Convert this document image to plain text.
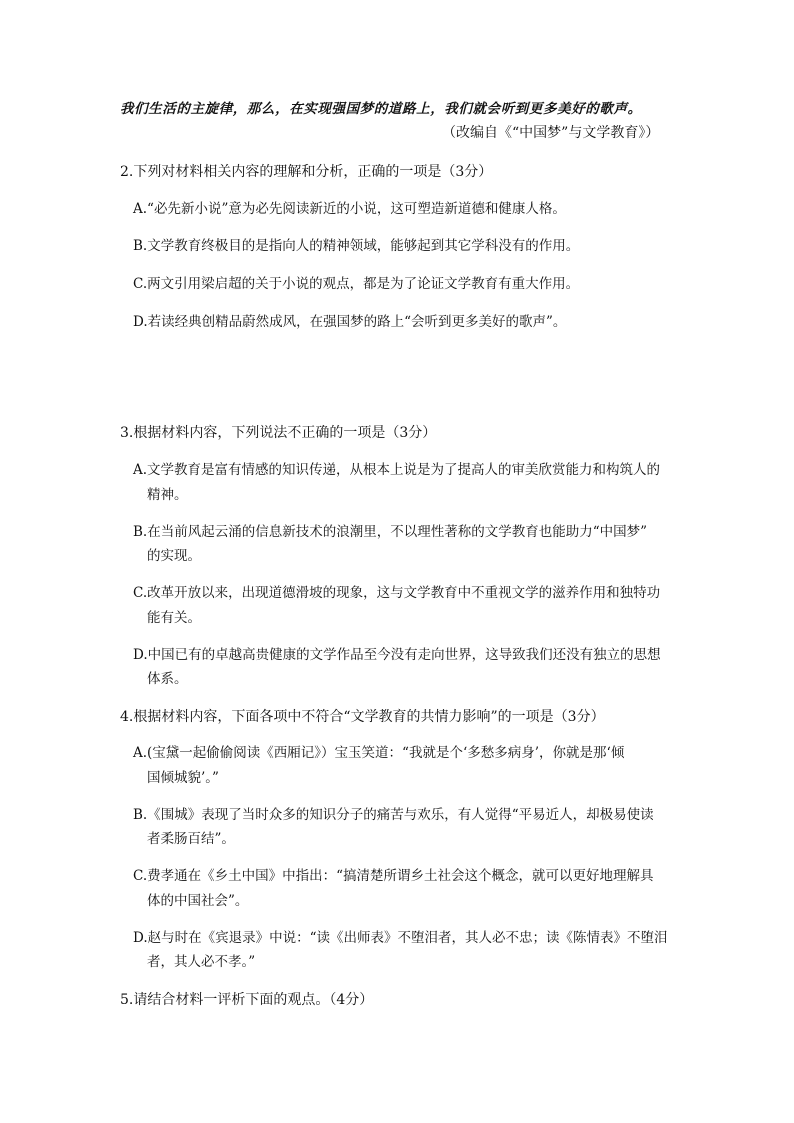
我们生活的主旋律，那么，在实现强国梦的道路上，我们就会听到更多美好的歌声。
（改编自《“中国梦”与文学教育》）
2.下列对材料相关内容的理解和分析，正确的一项是（3分）
A.“必先新小说”意为必先阅读新近的小说，这可塑造新道德和健康人格。
B.文学教育终极目的是指向人的精神领域，能够起到其它学科没有的作用。
C.两文引用梁启超的关于小说的观点，都是为了论证文学教育有重大作用。
D.若读经典创精品蔚然成风，在强国梦的路上“会听到更多美好的歌声”。
3.根据材料内容，下列说法不正确的一项是（3分）
A.文学教育是富有情感的知识传递，从根本上说是为了提高人的审美欣赏能力和构筑人的
精神。
B.在当前风起云涌的信息新技术的浪潮里，不以理性著称的文学教育也能助力“中国梦”
的实现。
C.改革开放以来，出现道德滑坡的现象，这与文学教育中不重视文学的滋养作用和独特功
能有关。
D.中国已有的卓越高贵健康的文学作品至今没有走向世界，这导致我们还没有独立的思想
体系。
4.根据材料内容，下面各项中不符合“文学教育的共情力影响”的一项是（3分）
A.(宝黛一起偷偷阅读《西厢记》）宝玉笑道：“我就是个‘多愁多病身’，你就是那‘倾
国倾城貌’。”
B.《围城》表现了当时众多的知识分子的痛苦与欢乐，有人觉得“平易近人，却极易使读
者柔肠百结”。
C.费孝通在《乡土中国》中指出：“搞清楚所谓乡土社会这个概念，就可以更好地理解具
体的中国社会”。
D.赵与时在《宾退录》中说：“读《出师表》不堕泪者，其人必不忠；读《陈情表》不堕泪
者，其人必不孝。”
5.请结合材料一评析下面的观点。（4分）
